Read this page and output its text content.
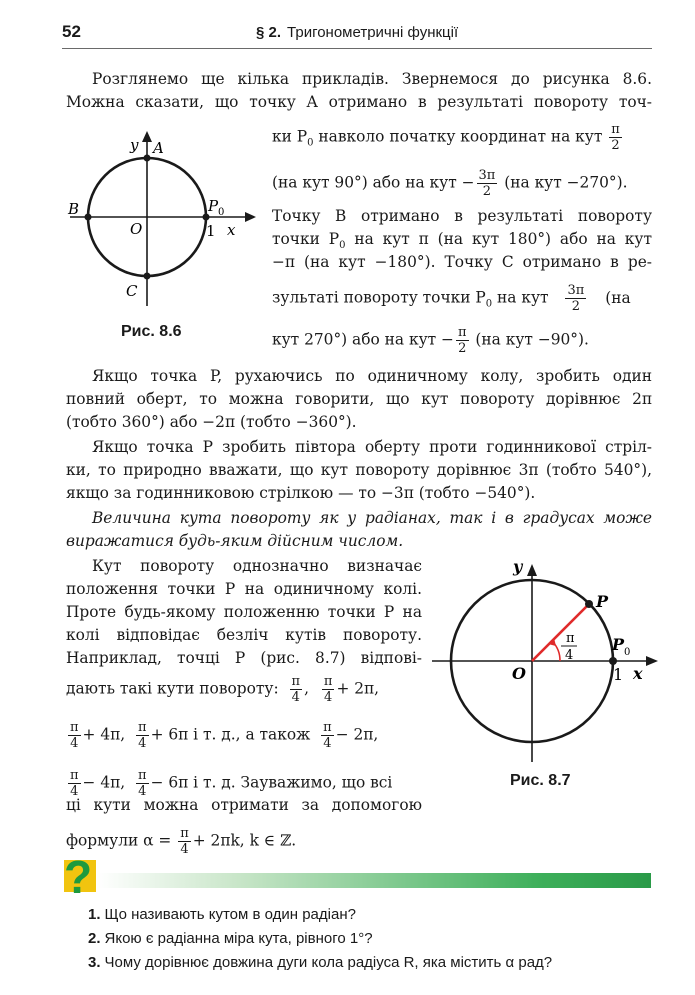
52	§ 2. Тригонометричні функції
Розглянемо ще кілька прикладів. Звернемося до рисунка 8.6.
Можна сказати, що точку A отримано в результаті повороту точ-
ки $P_0$ навколо початку координат на кут $\frac{\pi}{2}$
(на кут 90°) або на кут − $\frac{3\pi}{2} (на$ кут −270°).
Точку B отримано в результаті повороту
точки $P_0$ на кут π (на кут 180°) або на кут
−π (на кут −180°). Точку C отримано в ре-
зультаті повороту точки $P_0$ на кут $\frac{3\pi}{2} (на$
кут 270°) або на кут − $\frac{\pi}{2} (на$ кут −90°).
y A
B
O
P 0
1 x
C
Рис. 8.6
Якщо точка P, рухаючись по одиничному колу, зробить один
повний оберт, то можна говорити, що кут повороту дорівнює 2π
(тобто 360°) або −2π (тобто −360°).
Якщо точка P зробить півтора оберту проти годинникової стріл-
ки, то природно вважати, що кут повороту дорівнює 3π (тобто 540°),
якщо за годинниковою стрілкою — то −3π (тобто −540°).
Величина кута повороту як у радіанах, так і в градусах може
виражатися будь-яким дійсним числом.
Кут повороту однозначно визначає
положення точки P на одиничному колі.
Проте будь-якому положенню точки P на
колі відповідає безліч кутів повороту.
Наприклад, точці P (рис. 8.7) відпові-
дають такі кути повороту: $\frac{\pi}{4}$ , $\frac{\pi}{4} + 2\pi$,
$\frac{\pi}{4} + 4\pi$, $\frac{\pi}{4} + 6\pi$ і т. д., а також $\frac{\pi}{4} - 2\pi$,
$\frac{\pi}{4} - 4\pi$, $\frac{\pi}{4} - 6\pi$ і т. д. Зауважимо, що всі
ці кути можна отримати за допомогою
формули $\alpha = \frac{\pi}{4} + 2\pi k$, k ∈ ℤ.
y
P
P 0
O	1 x
π
4
Рис. 8.7
?
1. Що називають кутом в один радіан?
2. Якою є радіанна міра кута, рівного 1°?
3. Чому дорівнює довжина дуги кола радіуса R, яка містить α рад?
